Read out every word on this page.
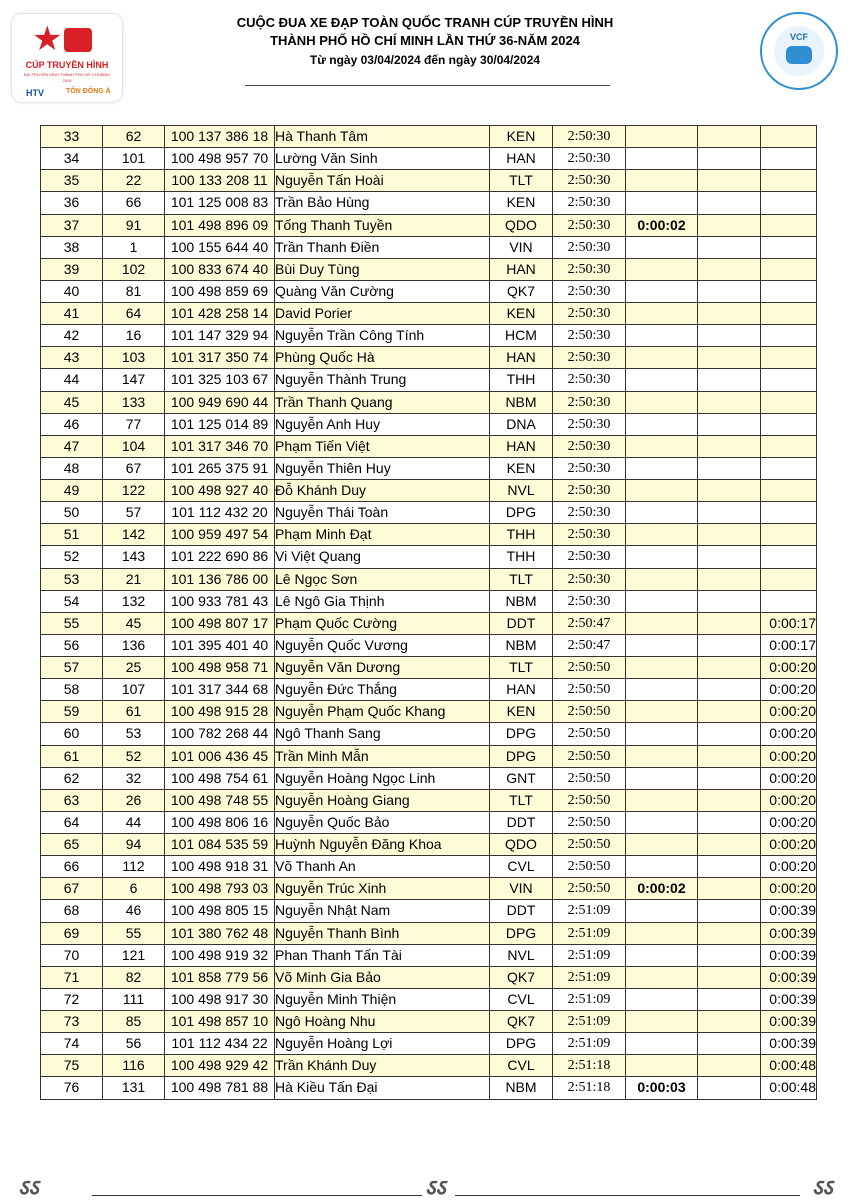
★
CÚP TRUYỀN HÌNH
ĐÀI TRUYỀN HÌNH THÀNH PHỐ HỒ CHÍ MINH
2024
HTV	TÔN ĐÔNG Á
CUỘC ĐUA XE ĐẠP TOÀN QUỐC TRANH CÚP TRUYỀN HÌNH
THÀNH PHỐ HỒ CHÍ MINH LẦN THỨ 36-NĂM 2024
Từ ngày 03/04/2024 đến ngày 30/04/2024
VCF
33	62	100 137 386 18	Hà Thanh Tâm	KEN	2:50:30			
34	101	100 498 957 70	Lường Văn Sinh	HAN	2:50:30			
35	22	100 133 208 11	Nguyễn Tấn Hoài	TLT	2:50:30			
36	66	101 125 008 83	Trần Bảo Hùng	KEN	2:50:30			
37	91	101 498 896 09	Tống Thanh Tuyền	QDO	2:50:30	0:00:02		
38	1	100 155 644 40	Trần Thanh Điền	VIN	2:50:30			
39	102	100 833 674 40	Bùi Duy Tùng	HAN	2:50:30			
40	81	100 498 859 69	Quàng Văn Cường	QK7	2:50:30			
41	64	101 428 258 14	David Porier	KEN	2:50:30			
42	16	101 147 329 94	Nguyễn Trần Công Tính	HCM	2:50:30			
43	103	101 317 350 74	Phùng Quốc Hà	HAN	2:50:30			
44	147	101 325 103 67	Nguyễn Thành Trung	THH	2:50:30			
45	133	100 949 690 44	Trần Thanh Quang	NBM	2:50:30			
46	77	101 125 014 89	Nguyễn Anh Huy	DNA	2:50:30			
47	104	101 317 346 70	Phạm Tiến Việt	HAN	2:50:30			
48	67	101 265 375 91	Nguyễn Thiên Huy	KEN	2:50:30			
49	122	100 498 927 40	Đỗ Khánh Duy	NVL	2:50:30			
50	57	101 112 432 20	Nguyễn Thái Toàn	DPG	2:50:30			
51	142	100 959 497 54	Phạm Minh Đạt	THH	2:50:30			
52	143	101 222 690 86	Vi Việt Quang	THH	2:50:30			
53	21	101 136 786 00	Lê Ngọc Sơn	TLT	2:50:30			
54	132	100 933 781 43	Lê Ngô Gia Thịnh	NBM	2:50:30			
55	45	100 498 807 17	Phạm Quốc Cường	DDT	2:50:47			0:00:17
56	136	101 395 401 40	Nguyễn Quốc Vương	NBM	2:50:47			0:00:17
57	25	100 498 958 71	Nguyễn Văn Dương	TLT	2:50:50			0:00:20
58	107	101 317 344 68	Nguyễn Đức Thắng	HAN	2:50:50			0:00:20
59	61	100 498 915 28	Nguyễn Phạm Quốc Khang	KEN	2:50:50			0:00:20
60	53	100 782 268 44	Ngô Thanh Sang	DPG	2:50:50			0:00:20
61	52	101 006 436 45	Trần Minh Mẫn	DPG	2:50:50			0:00:20
62	32	100 498 754 61	Nguyễn Hoàng Ngọc Linh	GNT	2:50:50			0:00:20
63	26	100 498 748 55	Nguyễn Hoàng Giang	TLT	2:50:50			0:00:20
64	44	100 498 806 16	Nguyễn Quốc Bảo	DDT	2:50:50			0:00:20
65	94	101 084 535 59	Huỳnh Nguyễn Đăng Khoa	QDO	2:50:50			0:00:20
66	112	100 498 918 31	Võ Thanh An	CVL	2:50:50			0:00:20
67	6	100 498 793 03	Nguyễn Trúc Xinh	VIN	2:50:50	0:00:02		0:00:20
68	46	100 498 805 15	Nguyễn Nhật Nam	DDT	2:51:09			0:00:39
69	55	101 380 762 48	Nguyễn Thanh Bình	DPG	2:51:09			0:00:39
70	121	100 498 919 32	Phan Thanh Tấn Tài	NVL	2:51:09			0:00:39
71	82	101 858 779 56	Võ Minh Gia Bảo	QK7	2:51:09			0:00:39
72	111	100 498 917 30	Nguyễn Minh Thiện	CVL	2:51:09			0:00:39
73	85	101 498 857 10	Ngô Hoàng Nhu	QK7	2:51:09			0:00:39
74	56	101 112 434 22	Nguyễn Hoàng Lợi	DPG	2:51:09			0:00:39
75	116	100 498 929 42	Trần Khánh Duy	CVL	2:51:18			0:00:48
76	131	100 498 781 88	Hà Kiều Tấn Đại	NBM	2:51:18	0:00:03		0:00:48
ऽऽ	ऽऽ	ऽऽ
